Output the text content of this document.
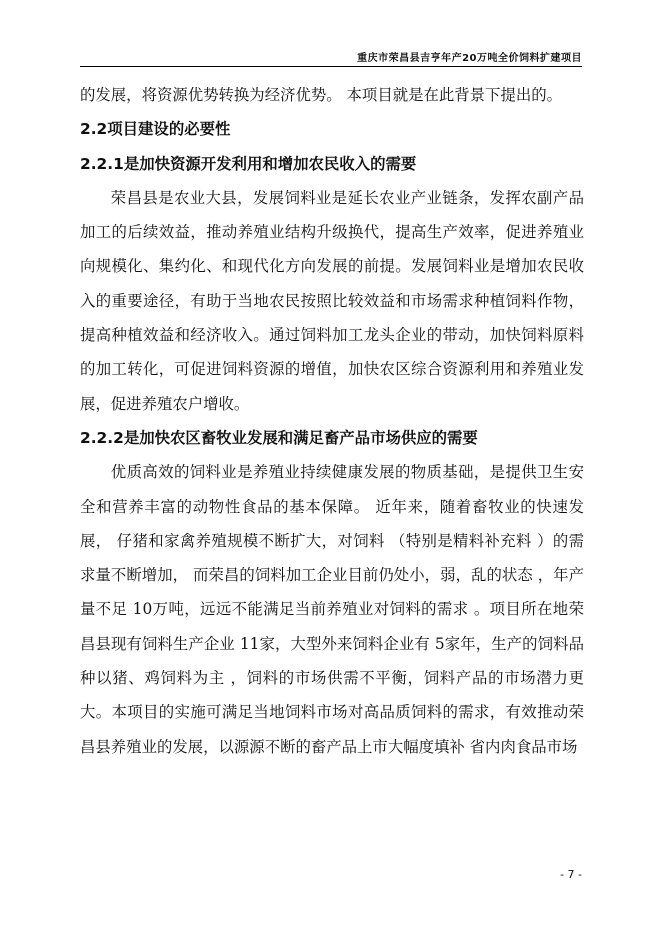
重庆市荣昌县吉亨年产20万吨全价饲料扩建项目

的发展，将资源优势转换为经济优势。 本项目就是在此背景下提出的。

2.2项目建设的必要性

2.2.1是加快资源开发利用和增加农民收入的需要

荣昌县是农业大县，发展饲料业是延长农业产业链条，发挥农副产品加工的后续效益，推动养殖业结构升级换代，提高生产效率，促进养殖业向规模化、集约化、和现代化方向发展的前提。发展饲料业是增加农民收入的重要途径，有助于当地农民按照比较效益和市场需求种植饲料作物，提高种植效益和经济收入。通过饲料加工龙头企业的带动，加快饲料原料的加工转化，可促进饲料资源的增值，加快农区综合资源利用和养殖业发展，促进养殖农户增收。

2.2.2是加快农区畜牧业发展和满足畜产品市场供应的需要

优质高效的饲料业是养殖业持续健康发展的物质基础，是提供卫生安全和营养丰富的动物性食品的基本保障。 近年来，随着畜牧业的快速发展， 仔猪和家禽养殖规模不断扩大，对饲料 （特别是精料补充料 ）的需求量不断增加， 而荣昌的饲料加工企业目前仍处小，弱，乱的状态 ，年产量不足 10万吨，远远不能满足当前养殖业对饲料的需求 。项目所在地荣昌县现有饲料生产企业 11家，大型外来饲料企业有 5家年，生产的饲料品种以猪、鸡饲料为主 ，饲料的市场供需不平衡，饲料产品的市场潜力更大。本项目的实施可满足当地饲料市场对高品质饲料的需求，有效推动荣昌县养殖业的发展，以源源不断的畜产品上市大幅度填补 省内肉食品市场

- 7 -
